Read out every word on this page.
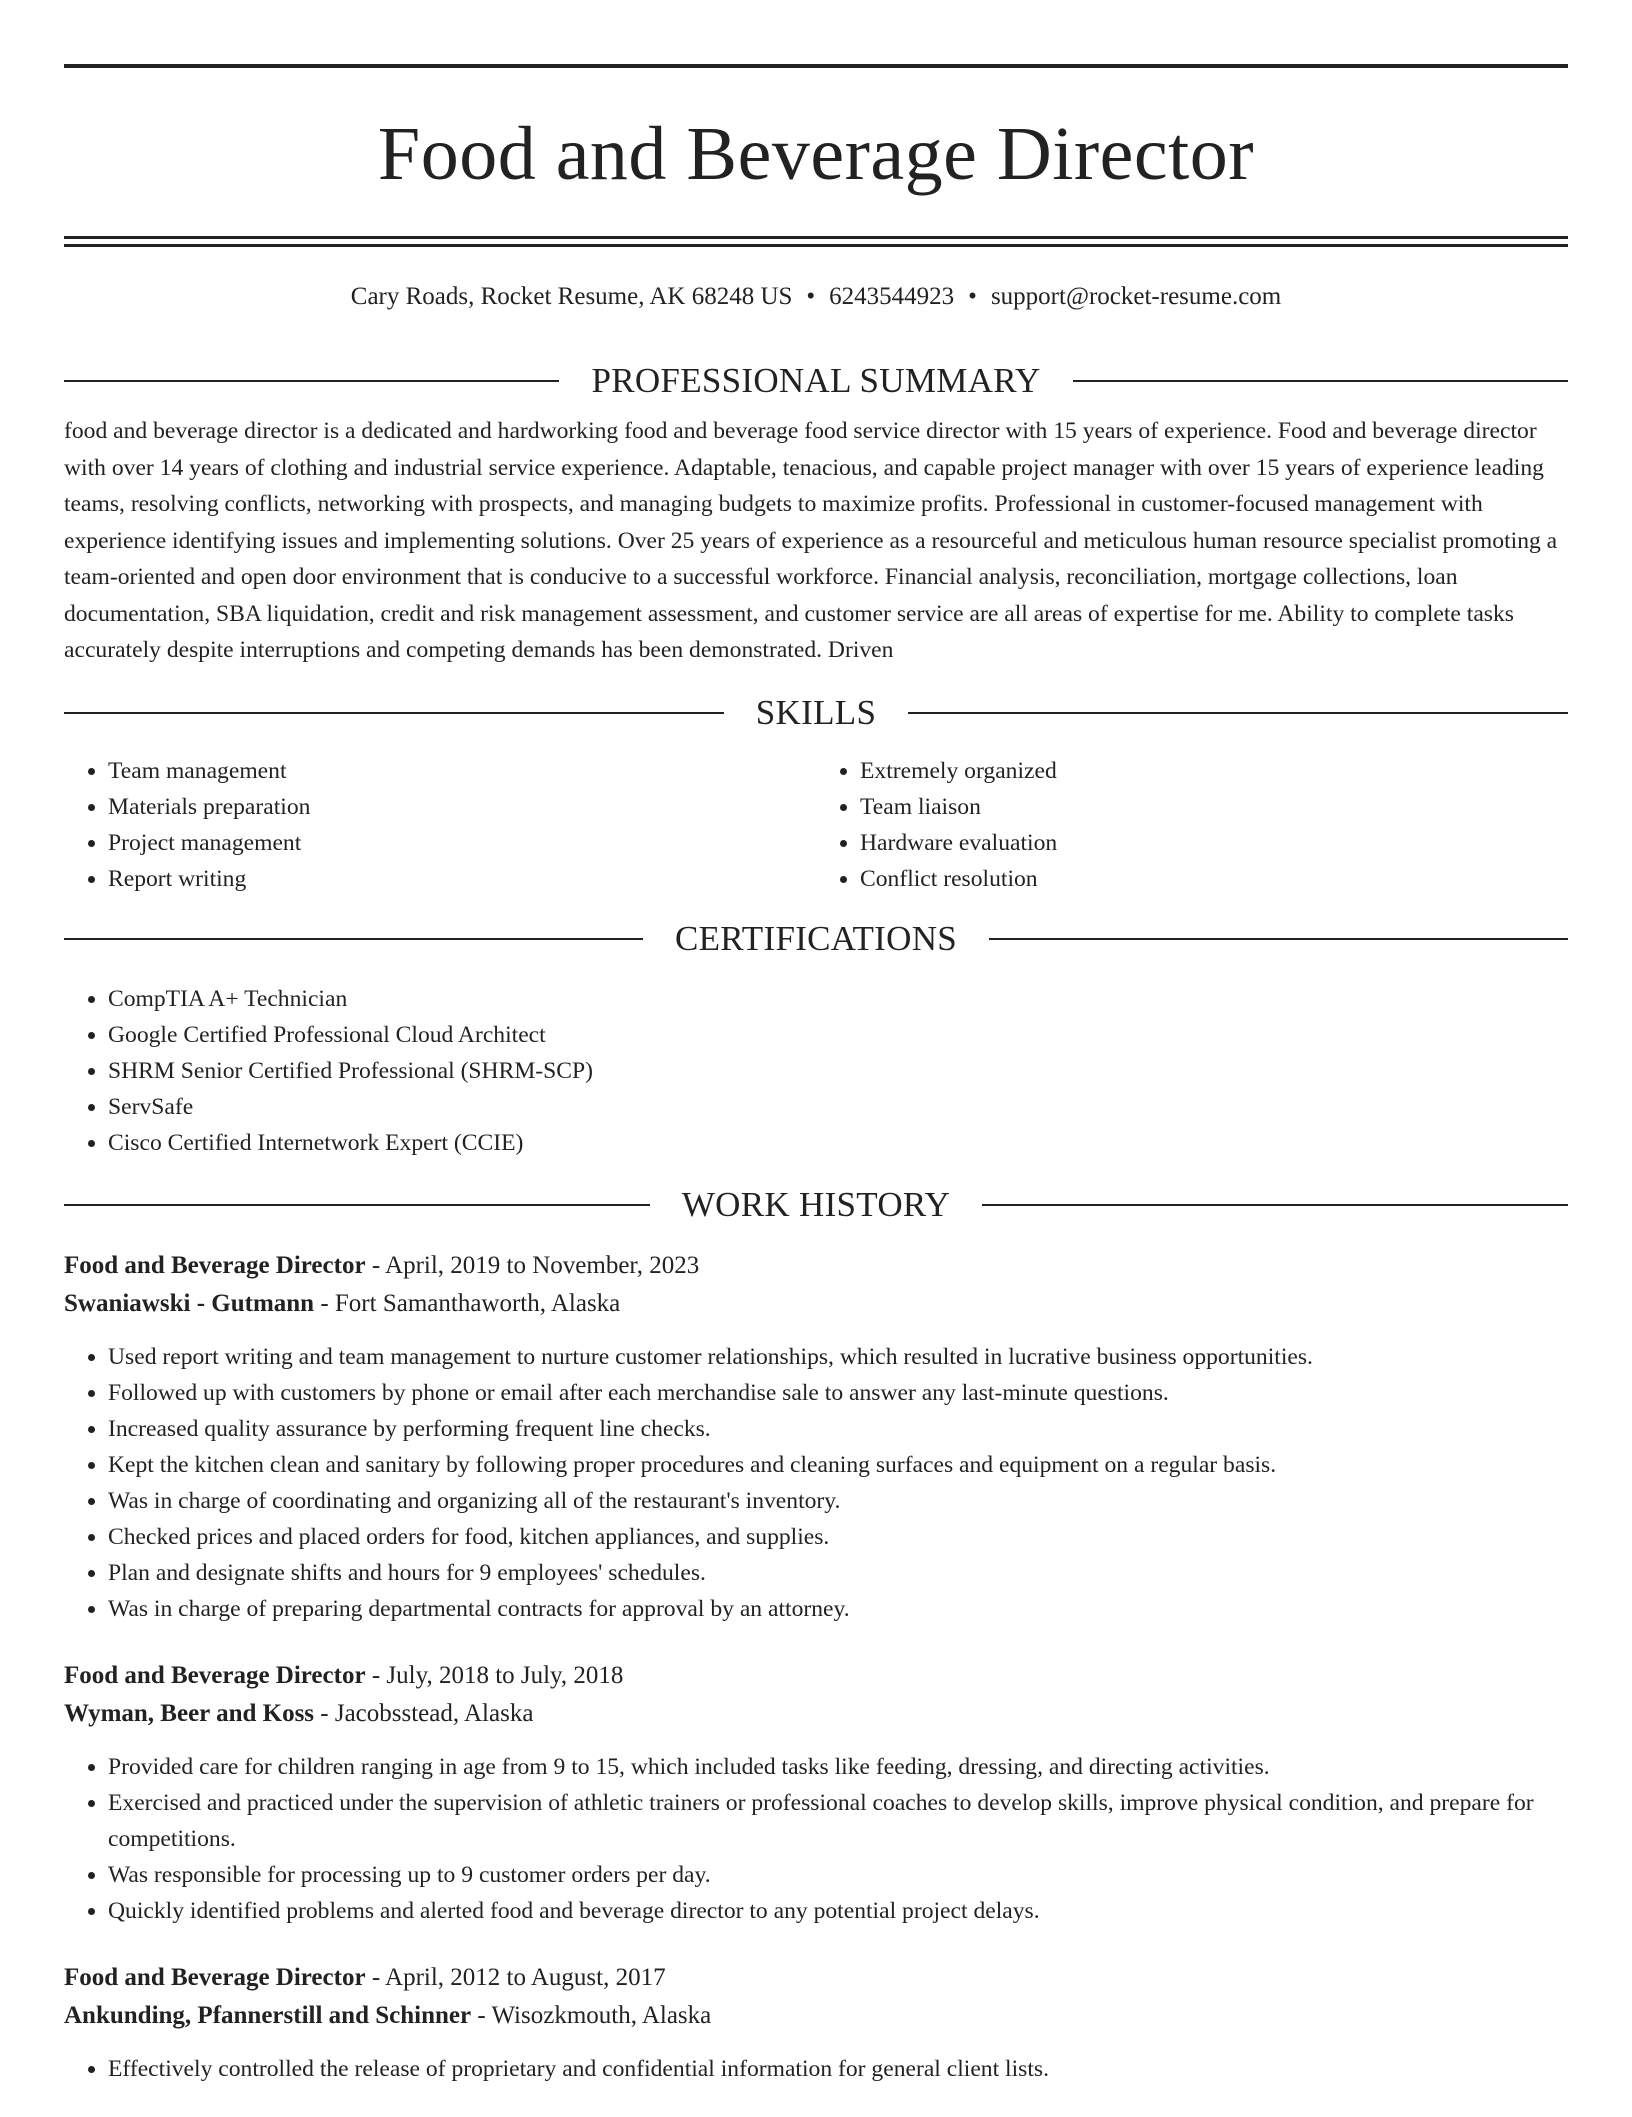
Food and Beverage Director
Cary Roads, Rocket Resume, AK 68248 US • 6243544923 • support@rocket-resume.com
PROFESSIONAL SUMMARY
food and beverage director is a dedicated and hardworking food and beverage food service director with 15 years of experience. Food and beverage director with over 14 years of clothing and industrial service experience. Adaptable, tenacious, and capable project manager with over 15 years of experience leading teams, resolving conflicts, networking with prospects, and managing budgets to maximize profits. Professional in customer-focused management with experience identifying issues and implementing solutions. Over 25 years of experience as a resourceful and meticulous human resource specialist promoting a team-oriented and open door environment that is conducive to a successful workforce. Financial analysis, reconciliation, mortgage collections, loan documentation, SBA liquidation, credit and risk management assessment, and customer service are all areas of expertise for me. Ability to complete tasks accurately despite interruptions and competing demands has been demonstrated. Driven
SKILLS
• Team management
• Materials preparation
• Project management
• Report writing
• Extremely organized
• Team liaison
• Hardware evaluation
• Conflict resolution
CERTIFICATIONS
• CompTIA A+ Technician
• Google Certified Professional Cloud Architect
• SHRM Senior Certified Professional (SHRM-SCP)
• ServSafe
• Cisco Certified Internetwork Expert (CCIE)
WORK HISTORY
Food and Beverage Director - April, 2019 to November, 2023
Swaniawski - Gutmann - Fort Samanthaworth, Alaska
• Used report writing and team management to nurture customer relationships, which resulted in lucrative business opportunities.
• Followed up with customers by phone or email after each merchandise sale to answer any last-minute questions.
• Increased quality assurance by performing frequent line checks.
• Kept the kitchen clean and sanitary by following proper procedures and cleaning surfaces and equipment on a regular basis.
• Was in charge of coordinating and organizing all of the restaurant's inventory.
• Checked prices and placed orders for food, kitchen appliances, and supplies.
• Plan and designate shifts and hours for 9 employees' schedules.
• Was in charge of preparing departmental contracts for approval by an attorney.
Food and Beverage Director - July, 2018 to July, 2018
Wyman, Beer and Koss - Jacobsstead, Alaska
• Provided care for children ranging in age from 9 to 15, which included tasks like feeding, dressing, and directing activities.
• Exercised and practiced under the supervision of athletic trainers or professional coaches to develop skills, improve physical condition, and prepare for competitions.
• Was responsible for processing up to 9 customer orders per day.
• Quickly identified problems and alerted food and beverage director to any potential project delays.
Food and Beverage Director - April, 2012 to August, 2017
Ankunding, Pfannerstill and Schinner - Wisozkmouth, Alaska
• Effectively controlled the release of proprietary and confidential information for general client lists.
